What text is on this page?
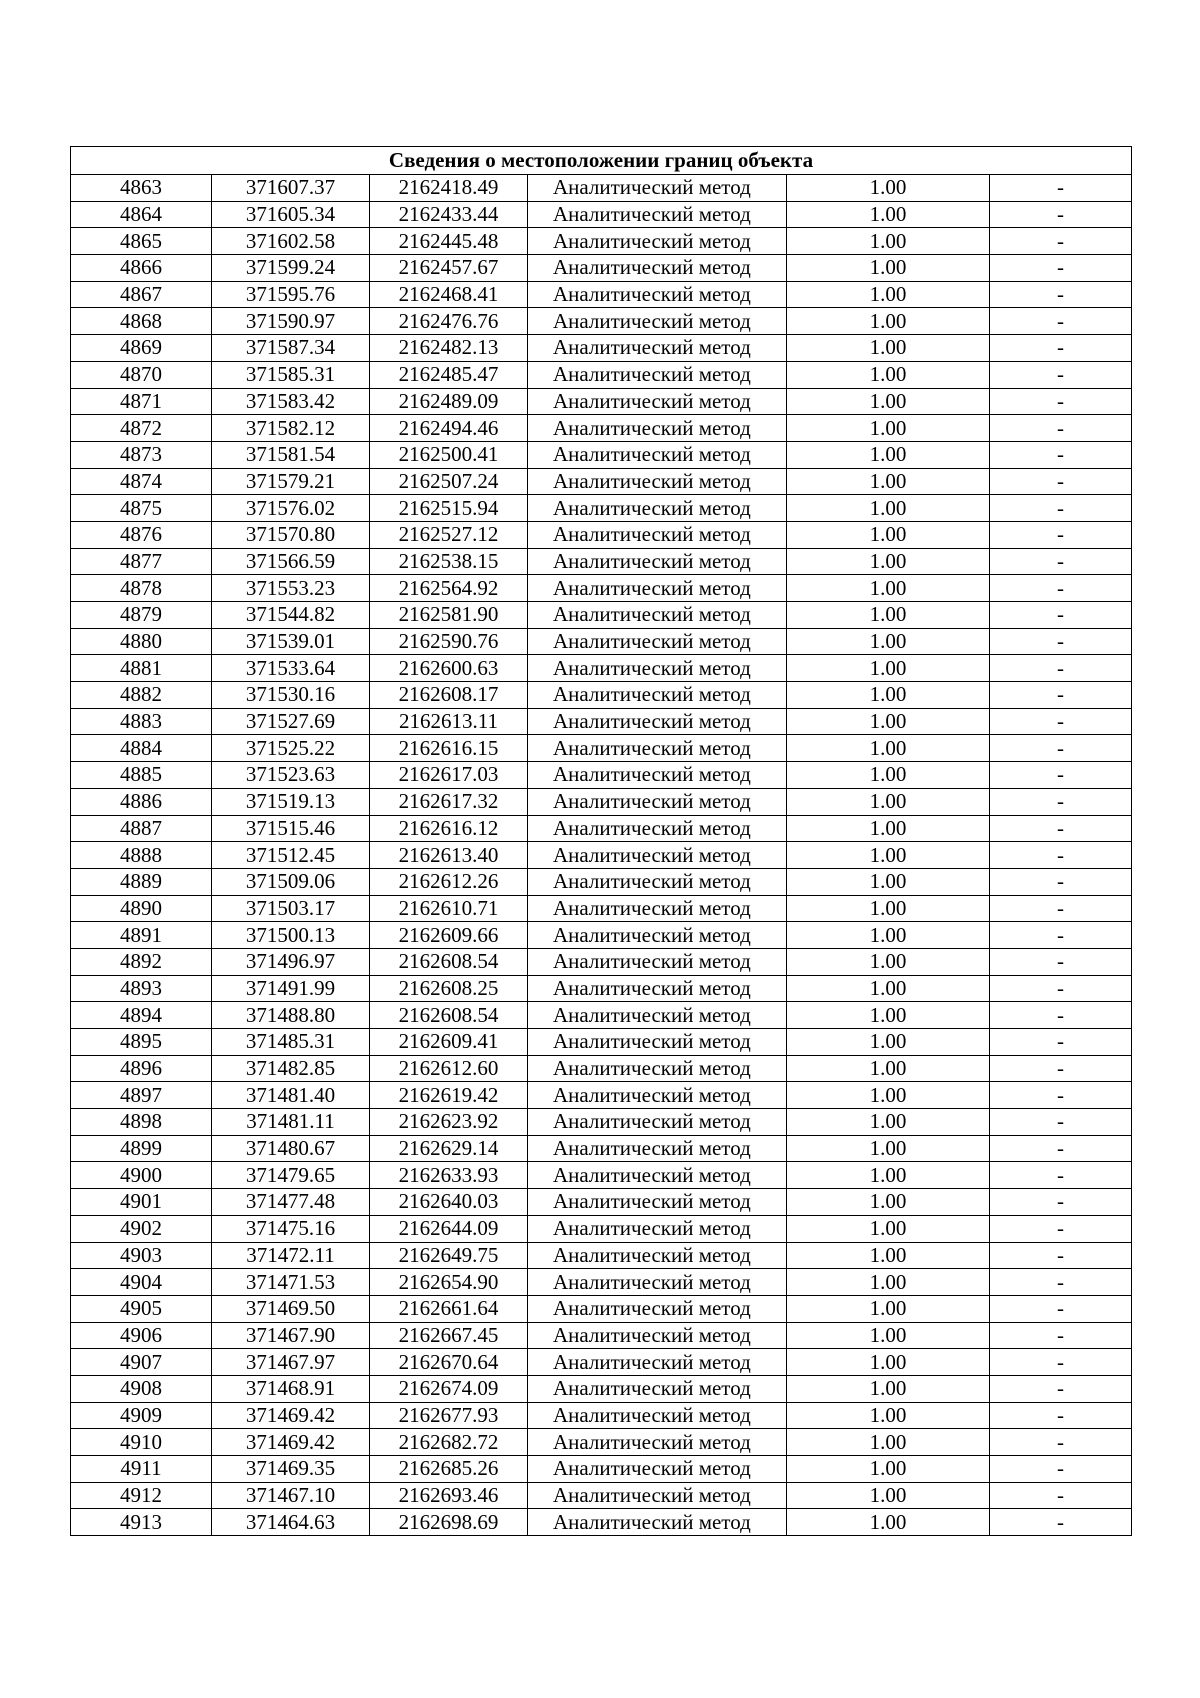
Сведения о местоположении границ объекта					
4863	371607.37	2162418.49	Аналитический метод	1.00	-
4864	371605.34	2162433.44	Аналитический метод	1.00	-
4865	371602.58	2162445.48	Аналитический метод	1.00	-
4866	371599.24	2162457.67	Аналитический метод	1.00	-
4867	371595.76	2162468.41	Аналитический метод	1.00	-
4868	371590.97	2162476.76	Аналитический метод	1.00	-
4869	371587.34	2162482.13	Аналитический метод	1.00	-
4870	371585.31	2162485.47	Аналитический метод	1.00	-
4871	371583.42	2162489.09	Аналитический метод	1.00	-
4872	371582.12	2162494.46	Аналитический метод	1.00	-
4873	371581.54	2162500.41	Аналитический метод	1.00	-
4874	371579.21	2162507.24	Аналитический метод	1.00	-
4875	371576.02	2162515.94	Аналитический метод	1.00	-
4876	371570.80	2162527.12	Аналитический метод	1.00	-
4877	371566.59	2162538.15	Аналитический метод	1.00	-
4878	371553.23	2162564.92	Аналитический метод	1.00	-
4879	371544.82	2162581.90	Аналитический метод	1.00	-
4880	371539.01	2162590.76	Аналитический метод	1.00	-
4881	371533.64	2162600.63	Аналитический метод	1.00	-
4882	371530.16	2162608.17	Аналитический метод	1.00	-
4883	371527.69	2162613.11	Аналитический метод	1.00	-
4884	371525.22	2162616.15	Аналитический метод	1.00	-
4885	371523.63	2162617.03	Аналитический метод	1.00	-
4886	371519.13	2162617.32	Аналитический метод	1.00	-
4887	371515.46	2162616.12	Аналитический метод	1.00	-
4888	371512.45	2162613.40	Аналитический метод	1.00	-
4889	371509.06	2162612.26	Аналитический метод	1.00	-
4890	371503.17	2162610.71	Аналитический метод	1.00	-
4891	371500.13	2162609.66	Аналитический метод	1.00	-
4892	371496.97	2162608.54	Аналитический метод	1.00	-
4893	371491.99	2162608.25	Аналитический метод	1.00	-
4894	371488.80	2162608.54	Аналитический метод	1.00	-
4895	371485.31	2162609.41	Аналитический метод	1.00	-
4896	371482.85	2162612.60	Аналитический метод	1.00	-
4897	371481.40	2162619.42	Аналитический метод	1.00	-
4898	371481.11	2162623.92	Аналитический метод	1.00	-
4899	371480.67	2162629.14	Аналитический метод	1.00	-
4900	371479.65	2162633.93	Аналитический метод	1.00	-
4901	371477.48	2162640.03	Аналитический метод	1.00	-
4902	371475.16	2162644.09	Аналитический метод	1.00	-
4903	371472.11	2162649.75	Аналитический метод	1.00	-
4904	371471.53	2162654.90	Аналитический метод	1.00	-
4905	371469.50	2162661.64	Аналитический метод	1.00	-
4906	371467.90	2162667.45	Аналитический метод	1.00	-
4907	371467.97	2162670.64	Аналитический метод	1.00	-
4908	371468.91	2162674.09	Аналитический метод	1.00	-
4909	371469.42	2162677.93	Аналитический метод	1.00	-
4910	371469.42	2162682.72	Аналитический метод	1.00	-
4911	371469.35	2162685.26	Аналитический метод	1.00	-
4912	371467.10	2162693.46	Аналитический метод	1.00	-
4913	371464.63	2162698.69	Аналитический метод	1.00	-
